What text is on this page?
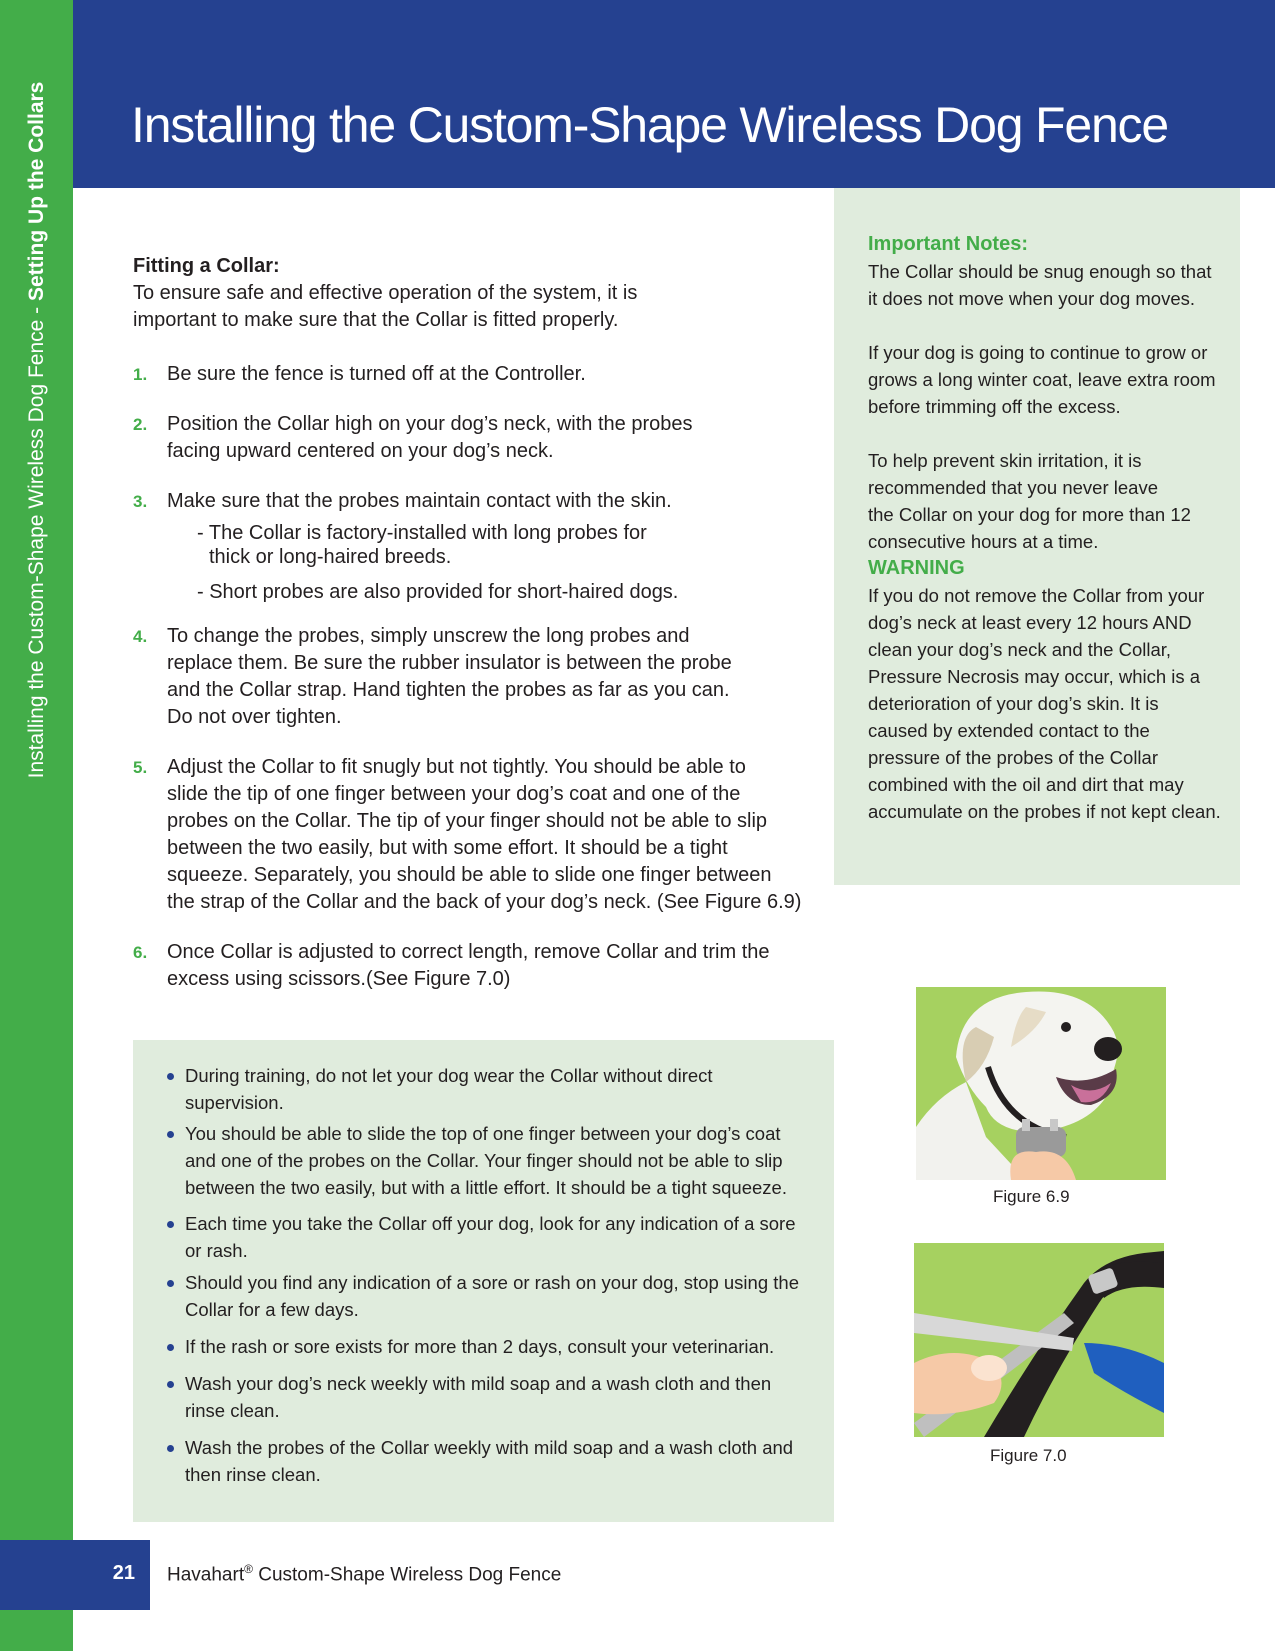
Installing the Custom-Shape Wireless Dog Fence - Setting Up the Collars Installing the Custom-Shape Wireless Dog Fence

Fitting a Collar:

To ensure safe and effective operation of the system, it is
important to make sure that the Collar is fitted properly.

1. Be sure the fence is turned off at the Controller.
2. Position the Collar high on your dog’s neck, with the probes
facing upward centered on your dog’s neck.
3. Make sure that the probes maintain contact with the skin.
- The Collar is factory-installed with long probes for
thick or long-haired breeds.
- Short probes are also provided for short-haired dogs.
4. To change the probes, simply unscrew the long probes and
replace them. Be sure the rubber insulator is between the probe
and the Collar strap. Hand tighten the probes as far as you can.
Do not over tighten.
5. Adjust the Collar to fit snugly but not tightly. You should be able to
slide the tip of one finger between your dog’s coat and one of the
probes on the Collar. The tip of your finger should not be able to slip
between the two easily, but with some effort. It should be a tight
squeeze. Separately, you should be able to slide one finger between
the strap of the Collar and the back of your dog’s neck. (See Figure 6.9)
6. Once Collar is adjusted to correct length, remove Collar and trim the
excess using scissors.(See Figure 7.0)

Important Notes:

The Collar should be snug enough so that
it does not move when your dog moves.

If your dog is going to continue to grow or
grows a long winter coat, leave extra room
before trimming off the excess.

To help prevent skin irritation, it is
recommended that you never leave
the Collar on your dog for more than 12
consecutive hours at a time.

WARNING

If you do not remove the Collar from your
dog’s neck at least every 12 hours AND
clean your dog’s neck and the Collar,
Pressure Necrosis may occur, which is a
deterioration of your dog’s skin. It is
caused by extended contact to the
pressure of the probes of the Collar
combined with the oil and dirt that may
accumulate on the probes if not kept clean.

During training, do not let your dog wear the Collar without direct
supervision.
You should be able to slide the top of one finger between your dog’s coat
and one of the probes on the Collar. Your finger should not be able to slip
between the two easily, but with a little effort. It should be a tight squeeze.
Each time you take the Collar off your dog, look for any indication of a sore
or rash.
Should you find any indication of a sore or rash on your dog, stop using the
Collar for a few days.
If the rash or sore exists for more than 2 days, consult your veterinarian.
Wash your dog’s neck weekly with mild soap and a wash cloth and then
rinse clean.
Wash the probes of the Collar weekly with mild soap and a wash cloth and
then rinse clean.
Figure 6.9
Figure 7.0
21 Havahart® Custom-Shape Wireless Dog Fence
